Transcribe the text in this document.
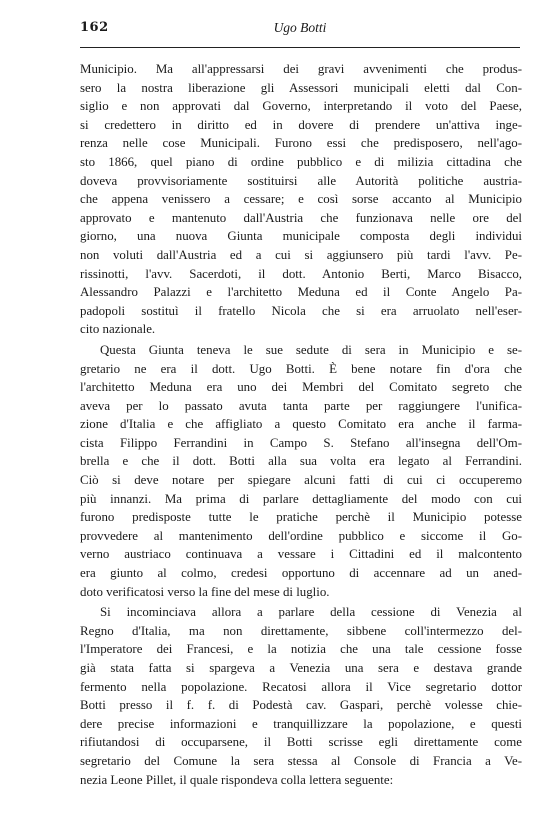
162	Ugo Botti
Municipio. Ma all'appressarsi dei gravi avvenimenti che produs-
sero la nostra liberazione gli Assessori municipali eletti dal Con-
siglio e non approvati dal Governo, interpretando il voto del Paese,
si credettero in diritto ed in dovere di prendere un'attiva inge-
renza nelle cose Municipali. Furono essi che predisposero, nell'ago-
sto 1866, quel piano di ordine pubblico e di milizia cittadina che
doveva provvisoriamente sostituirsi alle Autorità politiche austria-
che appena venissero a cessare; e così sorse accanto al Municipio
approvato e mantenuto dall'Austria che funzionava nelle ore del
giorno, una nuova Giunta municipale composta degli individui
non voluti dall'Austria ed a cui si aggiunsero più tardi l'avv. Pe-
rissinotti, l'avv. Sacerdoti, il dott. Antonio Berti, Marco Bisacco,
Alessandro Palazzi e l'architetto Meduna ed il Conte Angelo Pa-
padopoli sostituì il fratello Nicola che si era arruolato nell'eser-
cito nazionale.
Questa Giunta teneva le sue sedute di sera in Municipio e se-
gretario ne era il dott. Ugo Botti. È bene notare fin d'ora che
l'architetto Meduna era uno dei Membri del Comitato segreto che
aveva per lo passato avuta tanta parte per raggiungere l'unifica-
zione d'Italia e che affigliato a questo Comitato era anche il farma-
cista Filippo Ferrandini in Campo S. Stefano all'insegna dell'Om-
brella e che il dott. Botti alla sua volta era legato al Ferrandini.
Ciò si deve notare per spiegare alcuni fatti di cui ci occuperemo
più innanzi. Ma prima di parlare dettagliamente del modo con cui
furono predisposte tutte le pratiche perchè il Municipio potesse
provvedere al mantenimento dell'ordine pubblico e siccome il Go-
verno austriaco continuava a vessare i Cittadini ed il malcontento
era giunto al colmo, credesi opportuno di accennare ad un aned-
doto verificatosi verso la fine del mese di luglio.
Si incominciava allora a parlare della cessione di Venezia al
Regno d'Italia, ma non direttamente, sibbene coll'intermezzo del-
l'Imperatore dei Francesi, e la notizia che una tale cessione fosse
già stata fatta si spargeva a Venezia una sera e destava grande
fermento nella popolazione. Recatosi allora il Vice segretario dottor
Botti presso il f. f. di Podestà cav. Gaspari, perchè volesse chie-
dere precise informazioni e tranquillizzare la popolazione, e questi
rifiutandosi di occuparsene, il Botti scrisse egli direttamente come
segretario del Comune la sera stessa al Console di Francia a Ve-
nezia Leone Pillet, il quale rispondeva colla lettera seguente:
